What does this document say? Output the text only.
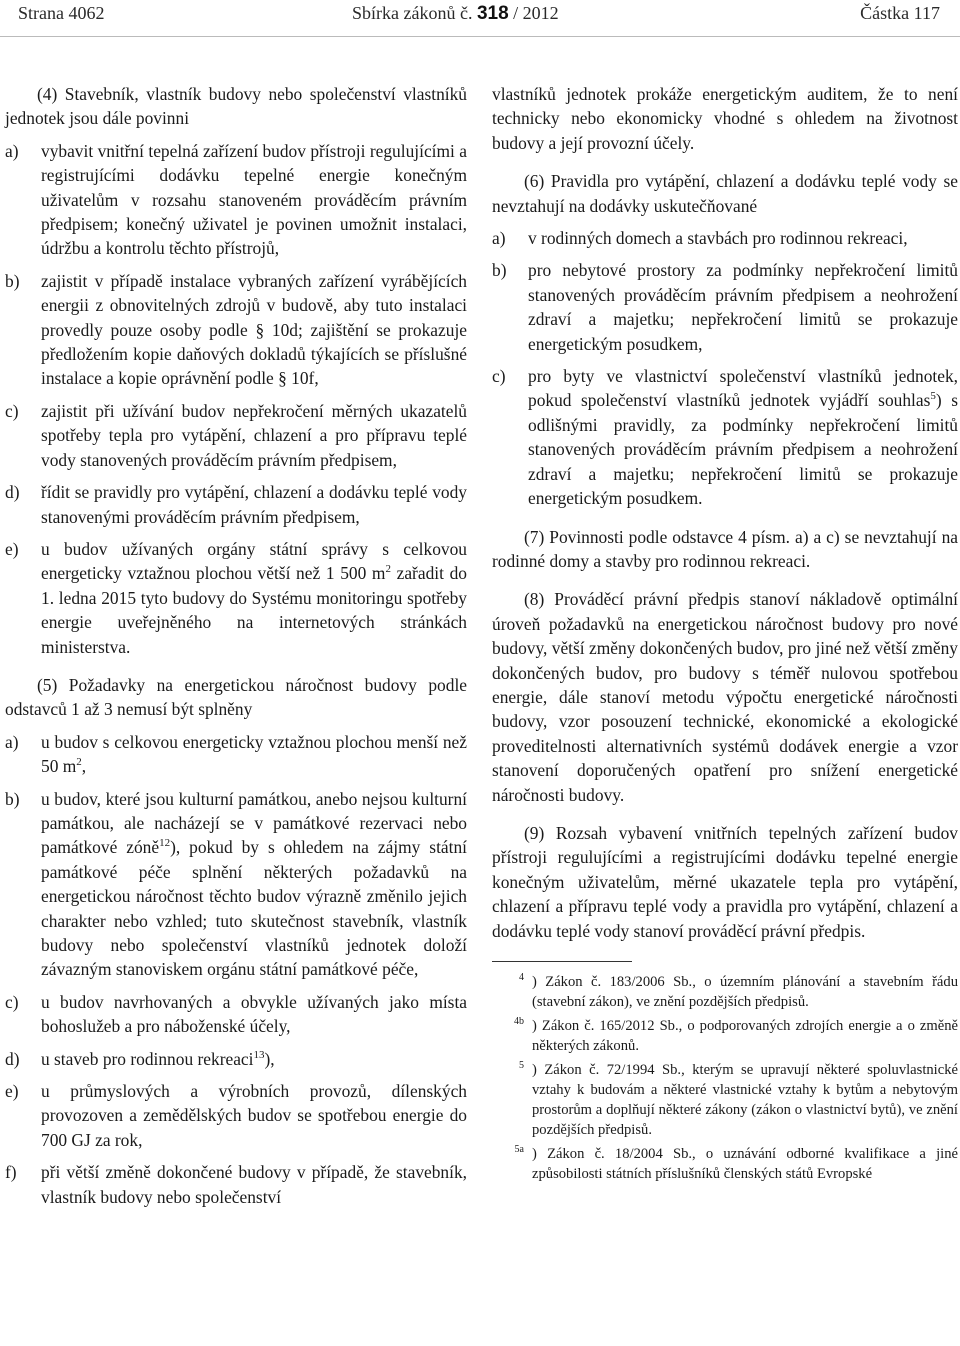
Strana 4062	Sbírka zákonů č. 318 / 2012	Částka 117

(4) Stavebník, vlastník budovy nebo společenství vlastníků jednotek jsou dále povinni

a)	vybavit vnitřní tepelná zařízení budov přístroji regulujícími a registrujícími dodávku tepelné energie konečným uživatelům v rozsahu stanoveném prováděcím právním předpisem; konečný uživatel je povinen umožnit instalaci, údržbu a kontrolu těchto přístrojů,
b)	zajistit v případě instalace vybraných zařízení vyrábějících energii z obnovitelných zdrojů v budově, aby tuto instalaci provedly pouze osoby podle § 10d; zajištění se prokazuje předložením kopie daňových dokladů týkajících se příslušné instalace a kopie oprávnění podle § 10f,
c)	zajistit při užívání budov nepřekročení měrných ukazatelů spotřeby tepla pro vytápění, chlazení a pro přípravu teplé vody stanovených prováděcím právním předpisem,
d)	řídit se pravidly pro vytápění, chlazení a dodávku teplé vody stanovenými prováděcím právním předpisem,
e)	u budov užívaných orgány státní správy s celkovou energeticky vztažnou plochou větší než 1 500 $m^2$ zařadit do 1. ledna 2015 tyto budovy do Systému monitoringu spotřeby energie uveřejněného na internetových stránkách ministerstva.

(5) Požadavky na energetickou náročnost budovy podle odstavců 1 až 3 nemusí být splněny

a)	u budov s celkovou energeticky vztažnou plochou menší než 50 $m^2$,
b)	u budov, které jsou kulturní památkou, anebo nejsou kulturní památkou, ale nacházejí se v památkové rezervaci nebo památkové zóně$^{12}$), pokud by s ohledem na zájmy státní památkové péče splnění některých požadavků na energetickou náročnost těchto budov výrazně změnilo jejich charakter nebo vzhled; tuto skutečnost stavebník, vlastník budovy nebo společenství vlastníků jednotek doloží závazným stanoviskem orgánu státní památkové péče,
c)	u budov navrhovaných a obvykle užívaných jako místa bohoslužeb a pro náboženské účely,
d)	u staveb pro rodinnou rekreaci$^{13}$),
e)	u průmyslových a výrobních provozů, dílenských provozoven a zemědělských budov se spotřebou energie do 700 GJ za rok,
f)	při větší změně dokončené budovy v případě, že stavebník, vlastník budovy nebo společenství

vlastníků jednotek prokáže energetickým auditem, že to není technicky nebo ekonomicky vhodné s ohledem na životnost budovy a její provozní účely.

(6) Pravidla pro vytápění, chlazení a dodávku teplé vody se nevztahují na dodávky uskutečňované

a)	v rodinných domech a stavbách pro rodinnou rekreaci,
b)	pro nebytové prostory za podmínky nepřekročení limitů stanovených prováděcím právním předpisem a neohrožení zdraví a majetku; nepřekročení limitů se prokazuje energetickým posudkem,
c)	pro byty ve vlastnictví společenství vlastníků jednotek, pokud společenství vlastníků jednotek vyjádří souhlas$^5$) s odlišnými pravidly, za podmínky nepřekročení limitů stanovených prováděcím právním předpisem a neohrožení zdraví a majetku; nepřekročení limitů se prokazuje energetickým posudkem.

(7) Povinnosti podle odstavce 4 písm. a) a c) se nevztahují na rodinné domy a stavby pro rodinnou rekreaci.

(8) Prováděcí právní předpis stanoví nákladově optimální úroveň požadavků na energetickou náročnost budovy pro nové budovy, větší změny dokončených budov, pro jiné než větší změny dokončených budov, pro budovy s téměř nulovou spotřebou energie, dále stanoví metodu výpočtu energetické náročnosti budovy, vzor posouzení technické, ekonomické a ekologické proveditelnosti alternativních systémů dodávek energie a vzor stanovení doporučených opatření pro snížení energetické náročnosti budovy.

(9) Rozsah vybavení vnitřních tepelných zařízení budov přístroji regulujícími a registrujícími dodávku tepelné energie konečným uživatelům, měrné ukazatele tepla pro vytápění, chlazení a přípravu teplé vody a pravidla pro vytápění, chlazení a dodávku teplé vody stanoví prováděcí právní předpis.

$^4$ ) Zákon č. 183/2006 Sb., o územním plánování a stavebním řádu (stavební zákon), ve znění pozdějších předpisů.
$^{4b}$ ) Zákon č. 165/2012 Sb., o podporovaných zdrojích energie a o změně některých zákonů.
$^5$ ) Zákon č. 72/1994 Sb., kterým se upravují některé spoluvlastnické vztahy k budovám a některé vlastnické vztahy k bytům a nebytovým prostorům a doplňují některé zákony (zákon o vlastnictví bytů), ve znění pozdějších předpisů.
$^{5a}$ ) Zákon č. 18/2004 Sb., o uznávání odborné kvalifikace a jiné způsobilosti státních příslušníků členských států Evropské
